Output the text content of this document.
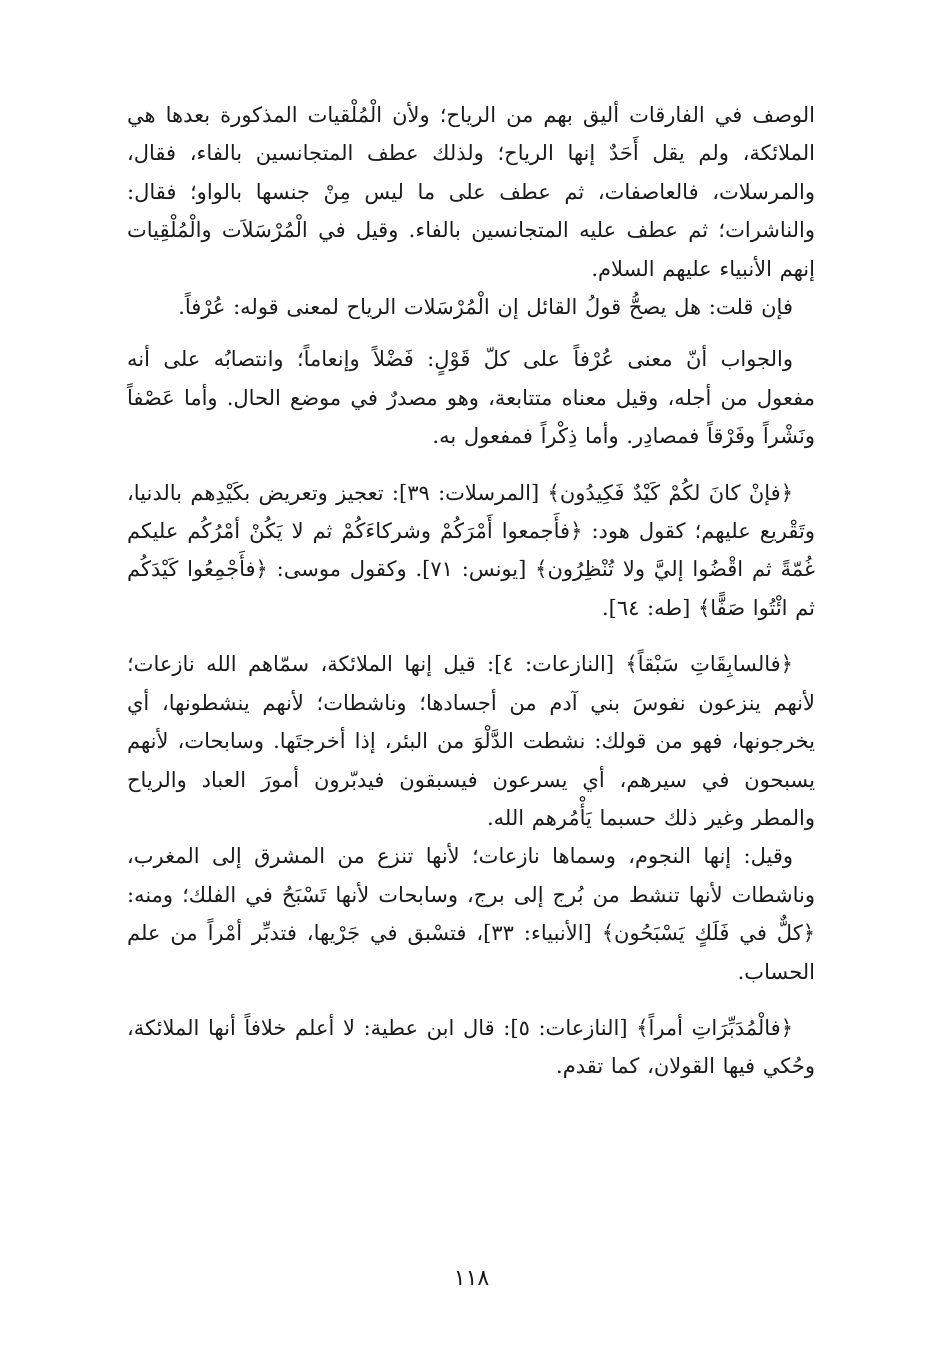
الوصف في الفارقات أليق بهم من الرياح؛ ولأن الْمُلْقيات المذكورة بعدها هي الملائكة، ولم يقل أَحَدٌ إنها الرياح؛ ولذلك عطف المتجانسين بالفاء، فقال، والمرسلات، فالعاصفات، ثم عطف على ما ليس مِنْ جنسها بالواو؛ فقال: والناشرات؛ ثم عطف عليه المتجانسين بالفاء. وقيل في الْمُرْسَلاَت والْمُلْقِيات إنهم الأنبياء عليهم السلام.

فإن قلت: هل يصحُّ قولُ القائل إن الْمُرْسَلات الرياح لمعنى قوله: عُرْفاً.

والجواب أنّ معنى عُرْفاً على كلّ قَوْلٍ: فَضْلاً وإنعاماً؛ وانتصابُه على أنه مفعول من أجله، وقيل معناه متتابعة، وهو مصدرٌ في موضع الحال. وأما عَصْفاً ونَشْراً وفَرْقاً فمصادِر. وأما ذِكْراً فمفعول به.

﴿فإنْ كانَ لكُمْ كَيْدٌ فَكِيدُون﴾ [المرسلات: ٣٩]: تعجيز وتعريض بكَيْدِهم بالدنيا، وتَقْريع عليهم؛ كقول هود: ﴿فأَجمعوا أَمْرَكُمْ وشركاءَكُمْ ثم لا يَكُنْ أمْرُكُم عليكم غُمّةً ثم اقْضُوا إليَّ ولا تُنْظِرُون﴾ [يونس: ٧١]. وكقول موسى: ﴿فأَجْمِعُوا كَيْدَكُم ثم ائْتُوا صَفًّا﴾ [طه: ٦٤].

﴿فالسابِقَاتِ سَبْقاً﴾ [النازعات: ٤]: قيل إنها الملائكة، سمّاهم الله نازعات؛ لأنهم ينزعون نفوسَ بني آدم من أجسادها؛ وناشطات؛ لأنهم ينشطونها، أي يخرجونها، فهو من قولك: نشطت الدَّلْوَ من البئر، إذا أخرجتَها. وسابحات، لأنهم يسبحون في سيرهم، أي يسرعون فيسبقون فيدبّرون أمورَ العباد والرياح والمطر وغير ذلك حسبما يَأْمُرهم الله.

وقيل: إنها النجوم، وسماها نازعات؛ لأنها تنزع من المشرق إلى المغرب، وناشطات لأنها تنشط من بُرج إلى برج، وسابحات لأنها تَسْبَحُ في الفلك؛ ومنه: ﴿كلٌّ في فَلَكٍ يَسْبَحُون﴾ [الأنبياء: ٣٣]، فتسْبق في جَرْيها، فتدبِّر أمْراً من علم الحساب.

﴿فالْمُدَبِّرَاتِ أمراً﴾ [النازعات: ٥]: قال ابن عطية: لا أعلم خلافاً أنها الملائكة، وحُكي فيها القولان، كما تقدم.

١١٨
